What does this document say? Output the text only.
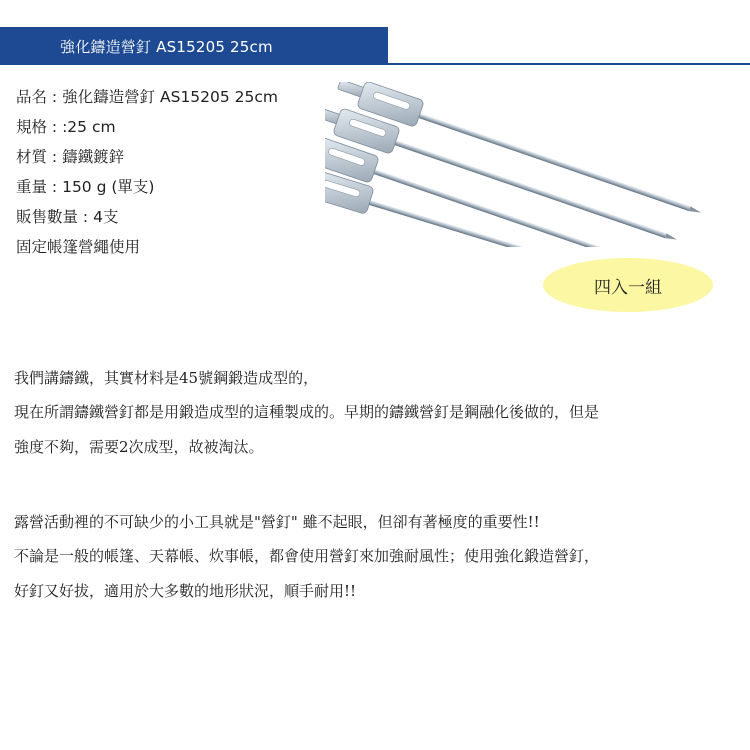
強化鑄造營釘 AS15205 25cm
品名 : 強化鑄造營釘 AS15205 25cm
規格 : :25 cm
材質 : 鑄鐵鍍鋅
重量 : 150 g (單支)
販售數量 : 4支
固定帳篷營繩使用
四入一組
我們講鑄鐵，其實材料是45號鋼鍛造成型的，
現在所謂鑄鐵營釘都是用鍛造成型的這種製成的。早期的鑄鐵營釘是鋼融化後做的，但是
強度不夠，需要2次成型，故被淘汰。
露營活動裡的不可缺少的小工具就是"營釘" 雖不起眼，但卻有著極度的重要性!!
不論是一般的帳篷、天幕帳、炊事帳，都會使用營釘來加強耐風性；使用強化鍛造營釘，
好釘又好拔，適用於大多數的地形狀況，順手耐用!!
